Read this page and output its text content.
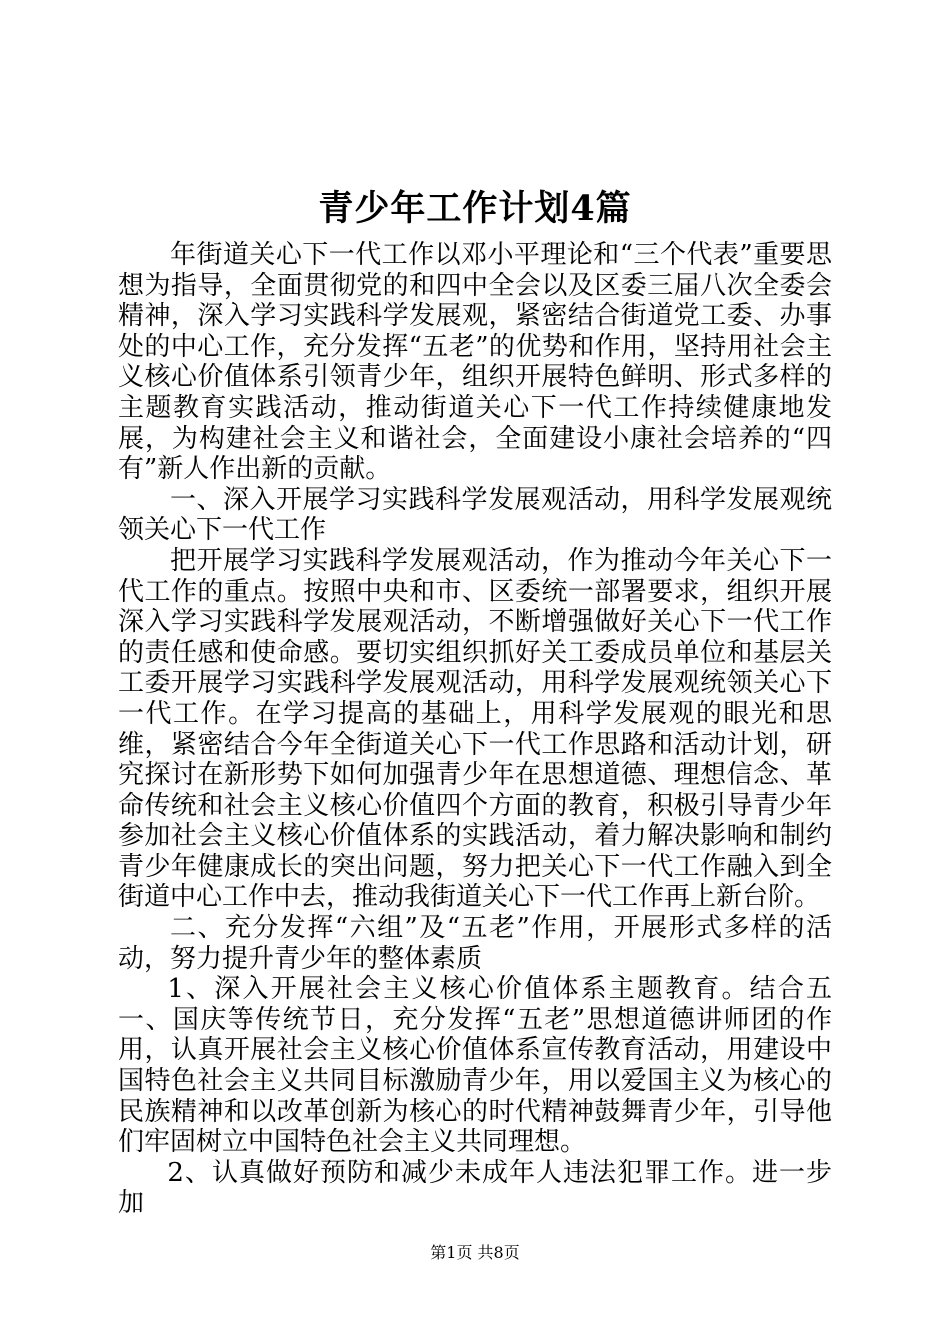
青少年工作计划4篇

年街道关心下一代工作以邓小平理论和“三个代表”重要思想为指导，全面贯彻党的和四中全会以及区委三届八次全委会精神，深入学习实践科学发展观，紧密结合街道党工委、办事处的中心工作，充分发挥“五老”的优势和作用，坚持用社会主义核心价值体系引领青少年，组织开展特色鲜明、形式多样的主题教育实践活动，推动街道关心下一代工作持续健康地发展，为构建社会主义和谐社会，全面建设小康社会培养的“四有”新人作出新的贡献。

一、深入开展学习实践科学发展观活动，用科学发展观统领关心下一代工作

把开展学习实践科学发展观活动，作为推动今年关心下一代工作的重点。按照中央和市、区委统一部署要求，组织开展深入学习实践科学发展观活动，不断增强做好关心下一代工作的责任感和使命感。要切实组织抓好关工委成员单位和基层关工委开展学习实践科学发展观活动，用科学发展观统领关心下一代工作。在学习提高的基础上，用科学发展观的眼光和思维，紧密结合今年全街道关心下一代工作思路和活动计划，研究探讨在新形势下如何加强青少年在思想道德、理想信念、革命传统和社会主义核心价值四个方面的教育，积极引导青少年参加社会主义核心价值体系的实践活动，着力解决影响和制约青少年健康成长的突出问题，努力把关心下一代工作融入到全街道中心工作中去，推动我街道关心下一代工作再上新台阶。

二、充分发挥“六组”及“五老”作用，开展形式多样的活动，努力提升青少年的整体素质

1、深入开展社会主义核心价值体系主题教育。结合五一、国庆等传统节日，充分发挥“五老”思想道德讲师团的作用，认真开展社会主义核心价值体系宣传教育活动，用建设中国特色社会主义共同目标激励青少年，用以爱国主义为核心的民族精神和以改革创新为核心的时代精神鼓舞青少年，引导他们牢固树立中国特色社会主义共同理想。

2、认真做好预防和减少未成年人违法犯罪工作。进一步加

第1页 共8页
